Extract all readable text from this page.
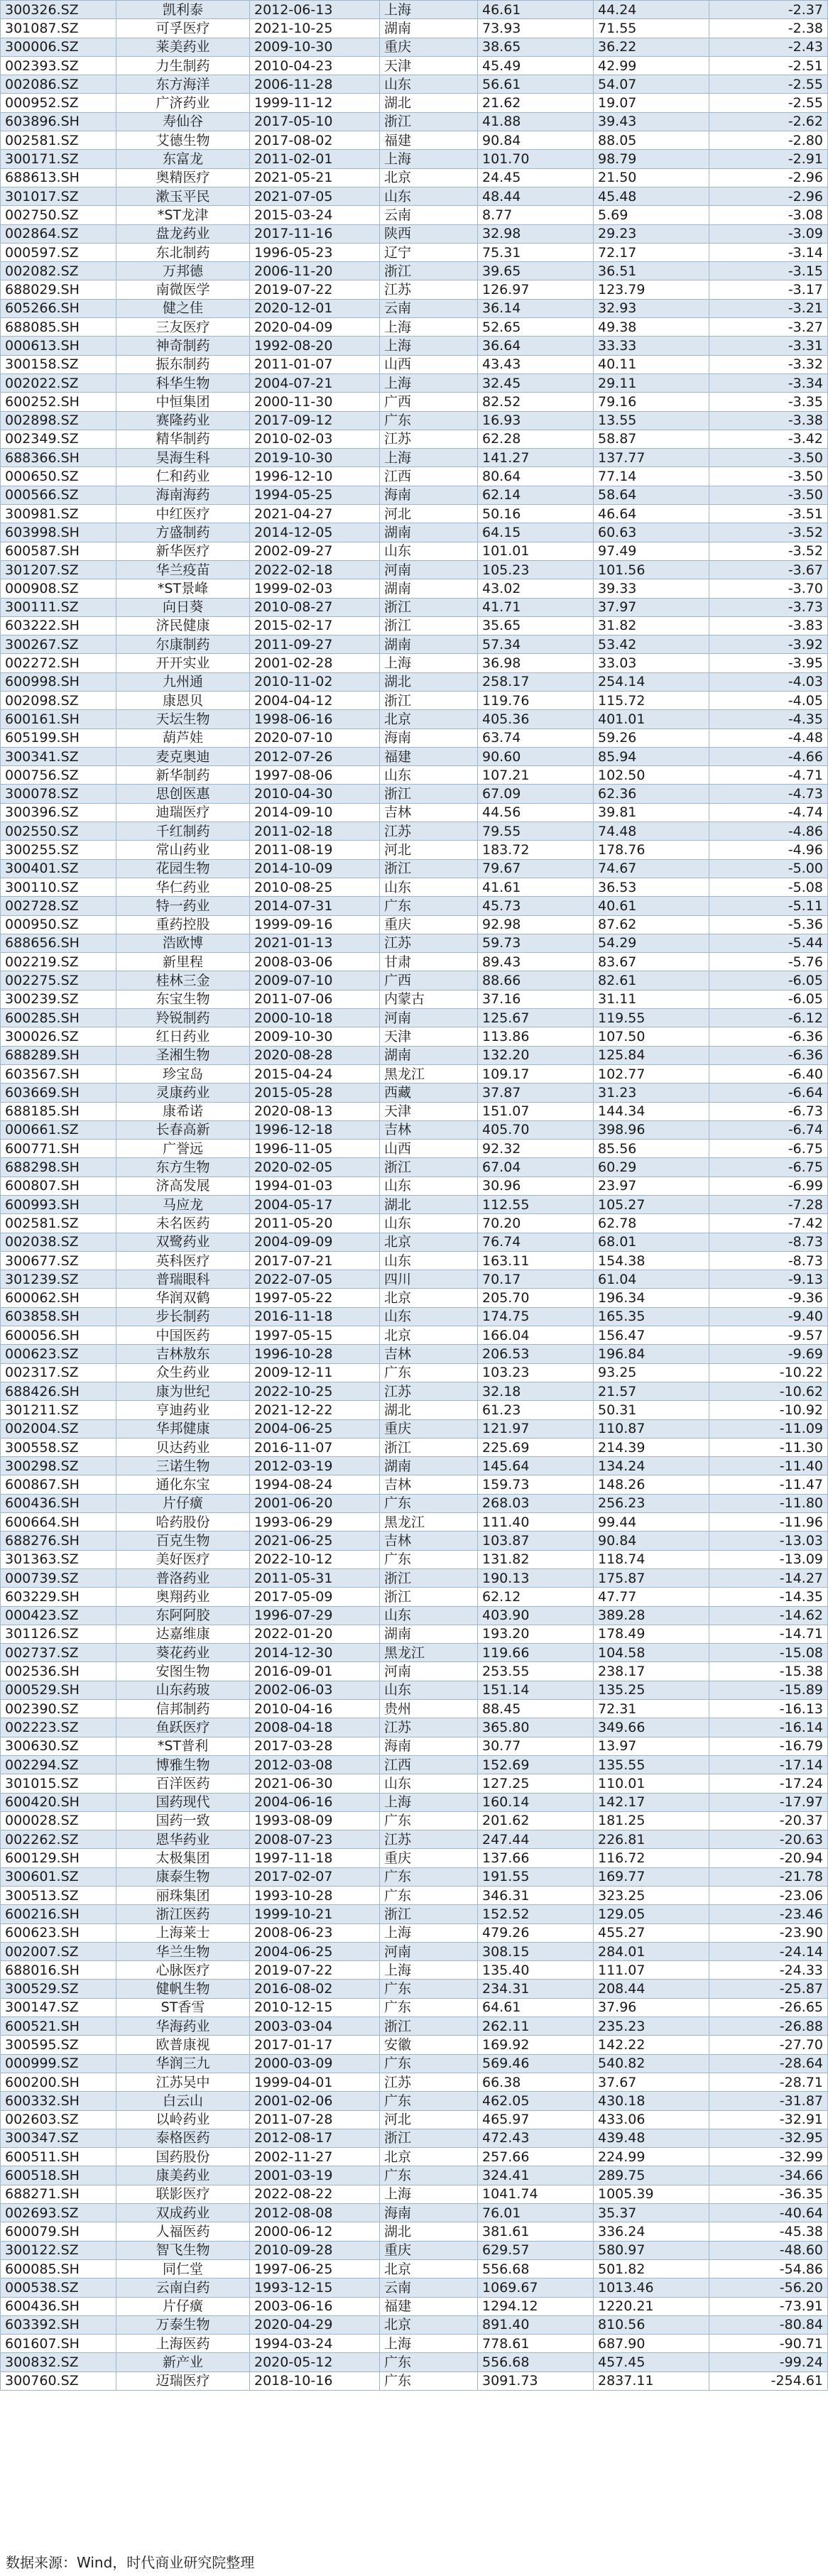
300326.SZ	凯利泰	2012-06-13	上海	46.61	44.24	-2.37
301087.SZ	可孚医疗	2021-10-25	湖南	73.93	71.55	-2.38
300006.SZ	莱美药业	2009-10-30	重庆	38.65	36.22	-2.43
002393.SZ	力生制药	2010-04-23	天津	45.49	42.99	-2.51
002086.SZ	东方海洋	2006-11-28	山东	56.61	54.07	-2.55
000952.SZ	广济药业	1999-11-12	湖北	21.62	19.07	-2.55
603896.SH	寿仙谷	2017-05-10	浙江	41.88	39.43	-2.62
002581.SZ	艾德生物	2017-08-02	福建	90.84	88.05	-2.80
300171.SZ	东富龙	2011-02-01	上海	101.70	98.79	-2.91
688613.SH	奥精医疗	2021-05-21	北京	24.45	21.50	-2.96
301017.SZ	漱玉平民	2021-07-05	山东	48.44	45.48	-2.96
002750.SZ	*ST龙津	2015-03-24	云南	8.77	5.69	-3.08
002864.SZ	盘龙药业	2017-11-16	陕西	32.98	29.23	-3.09
000597.SZ	东北制药	1996-05-23	辽宁	75.31	72.17	-3.14
002082.SZ	万邦德	2006-11-20	浙江	39.65	36.51	-3.15
688029.SH	南微医学	2019-07-22	江苏	126.97	123.79	-3.17
605266.SH	健之佳	2020-12-01	云南	36.14	32.93	-3.21
688085.SH	三友医疗	2020-04-09	上海	52.65	49.38	-3.27
000613.SH	神奇制药	1992-08-20	上海	36.64	33.33	-3.31
300158.SZ	振东制药	2011-01-07	山西	43.43	40.11	-3.32
002022.SZ	科华生物	2004-07-21	上海	32.45	29.11	-3.34
600252.SH	中恒集团	2000-11-30	广西	82.52	79.16	-3.35
002898.SZ	赛隆药业	2017-09-12	广东	16.93	13.55	-3.38
002349.SZ	精华制药	2010-02-03	江苏	62.28	58.87	-3.42
688366.SH	昊海生科	2019-10-30	上海	141.27	137.77	-3.50
000650.SZ	仁和药业	1996-12-10	江西	80.64	77.14	-3.50
000566.SZ	海南海药	1994-05-25	海南	62.14	58.64	-3.50
300981.SZ	中红医疗	2021-04-27	河北	50.16	46.64	-3.51
603998.SH	方盛制药	2014-12-05	湖南	64.15	60.63	-3.52
600587.SH	新华医疗	2002-09-27	山东	101.01	97.49	-3.52
301207.SZ	华兰疫苗	2022-02-18	河南	105.23	101.56	-3.67
000908.SZ	*ST景峰	1999-02-03	湖南	43.02	39.33	-3.70
300111.SZ	向日葵	2010-08-27	浙江	41.71	37.97	-3.73
603222.SH	济民健康	2015-02-17	浙江	35.65	31.82	-3.83
300267.SZ	尔康制药	2011-09-27	湖南	57.34	53.42	-3.92
002272.SH	开开实业	2001-02-28	上海	36.98	33.03	-3.95
600998.SH	九州通	2010-11-02	湖北	258.17	254.14	-4.03
002098.SZ	康恩贝	2004-04-12	浙江	119.76	115.72	-4.05
600161.SH	天坛生物	1998-06-16	北京	405.36	401.01	-4.35
605199.SH	葫芦娃	2020-07-10	海南	63.74	59.26	-4.48
300341.SZ	麦克奥迪	2012-07-26	福建	90.60	85.94	-4.66
000756.SZ	新华制药	1997-08-06	山东	107.21	102.50	-4.71
300078.SZ	思创医惠	2010-04-30	浙江	67.09	62.36	-4.73
300396.SZ	迪瑞医疗	2014-09-10	吉林	44.56	39.81	-4.74
002550.SZ	千红制药	2011-02-18	江苏	79.55	74.48	-4.86
300255.SZ	常山药业	2011-08-19	河北	183.72	178.76	-4.96
300401.SZ	花园生物	2014-10-09	浙江	79.67	74.67	-5.00
300110.SZ	华仁药业	2010-08-25	山东	41.61	36.53	-5.08
002728.SZ	特一药业	2014-07-31	广东	45.73	40.61	-5.11
000950.SZ	重药控股	1999-09-16	重庆	92.98	87.62	-5.36
688656.SH	浩欧博	2021-01-13	江苏	59.73	54.29	-5.44
002219.SZ	新里程	2008-03-06	甘肃	89.43	83.67	-5.76
002275.SZ	桂林三金	2009-07-10	广西	88.66	82.61	-6.05
300239.SZ	东宝生物	2011-07-06	内蒙古	37.16	31.11	-6.05
600285.SH	羚锐制药	2000-10-18	河南	125.67	119.55	-6.12
300026.SZ	红日药业	2009-10-30	天津	113.86	107.50	-6.36
688289.SH	圣湘生物	2020-08-28	湖南	132.20	125.84	-6.36
603567.SH	珍宝岛	2015-04-24	黑龙江	109.17	102.77	-6.40
603669.SH	灵康药业	2015-05-28	西藏	37.87	31.23	-6.64
688185.SH	康希诺	2020-08-13	天津	151.07	144.34	-6.73
000661.SZ	长春高新	1996-12-18	吉林	405.70	398.96	-6.74
600771.SH	广誉远	1996-11-05	山西	92.32	85.56	-6.75
688298.SH	东方生物	2020-02-05	浙江	67.04	60.29	-6.75
600807.SH	济高发展	1994-01-03	山东	30.96	23.97	-6.99
600993.SH	马应龙	2004-05-17	湖北	112.55	105.27	-7.28
002581.SZ	未名医药	2011-05-20	山东	70.20	62.78	-7.42
002038.SZ	双鹭药业	2004-09-09	北京	76.74	68.01	-8.73
300677.SZ	英科医疗	2017-07-21	山东	163.11	154.38	-8.73
301239.SZ	普瑞眼科	2022-07-05	四川	70.17	61.04	-9.13
600062.SH	华润双鹤	1997-05-22	北京	205.70	196.34	-9.36
603858.SH	步长制药	2016-11-18	山东	174.75	165.35	-9.40
600056.SH	中国医药	1997-05-15	北京	166.04	156.47	-9.57
000623.SZ	吉林敖东	1996-10-28	吉林	206.53	196.84	-9.69
002317.SZ	众生药业	2009-12-11	广东	103.23	93.25	-10.22
688426.SH	康为世纪	2022-10-25	江苏	32.18	21.57	-10.62
301211.SZ	亨迪药业	2021-12-22	湖北	61.23	50.31	-10.92
002004.SZ	华邦健康	2004-06-25	重庆	121.97	110.87	-11.09
300558.SZ	贝达药业	2016-11-07	浙江	225.69	214.39	-11.30
300298.SZ	三诺生物	2012-03-19	湖南	145.64	134.24	-11.40
600867.SH	通化东宝	1994-08-24	吉林	159.73	148.26	-11.47
600436.SH	片仔癀	2001-06-20	广东	268.03	256.23	-11.80
600664.SH	哈药股份	1993-06-29	黑龙江	111.40	99.44	-11.96
688276.SH	百克生物	2021-06-25	吉林	103.87	90.84	-13.03
301363.SZ	美好医疗	2022-10-12	广东	131.82	118.74	-13.09
000739.SZ	普洛药业	2011-05-31	浙江	190.13	175.87	-14.27
603229.SH	奥翔药业	2017-05-09	浙江	62.12	47.77	-14.35
000423.SZ	东阿阿胶	1996-07-29	山东	403.90	389.28	-14.62
301126.SZ	达嘉维康	2022-01-20	湖南	193.20	178.49	-14.71
002737.SZ	葵花药业	2014-12-30	黑龙江	119.66	104.58	-15.08
002536.SH	安图生物	2016-09-01	河南	253.55	238.17	-15.38
000529.SH	山东药玻	2002-06-03	山东	151.14	135.25	-15.89
002390.SZ	信邦制药	2010-04-16	贵州	88.45	72.31	-16.13
002223.SZ	鱼跃医疗	2008-04-18	江苏	365.80	349.66	-16.14
300630.SZ	*ST普利	2017-03-28	海南	30.77	13.97	-16.79
002294.SZ	博雅生物	2012-03-08	江西	152.69	135.55	-17.14
301015.SZ	百洋医药	2021-06-30	山东	127.25	110.01	-17.24
600420.SH	国药现代	2004-06-16	上海	160.14	142.17	-17.97
000028.SZ	国药一致	1993-08-09	广东	201.62	181.25	-20.37
002262.SZ	恩华药业	2008-07-23	江苏	247.44	226.81	-20.63
600129.SH	太极集团	1997-11-18	重庆	137.66	116.72	-20.94
300601.SZ	康泰生物	2017-02-07	广东	191.55	169.77	-21.78
300513.SZ	丽珠集团	1993-10-28	广东	346.31	323.25	-23.06
600216.SH	浙江医药	1999-10-21	浙江	152.52	129.05	-23.46
600623.SH	上海莱士	2008-06-23	上海	479.26	455.27	-23.90
002007.SZ	华兰生物	2004-06-25	河南	308.15	284.01	-24.14
688016.SH	心脉医疗	2019-07-22	上海	135.40	111.07	-24.33
300529.SZ	健帆生物	2016-08-02	广东	234.31	208.44	-25.87
300147.SZ	ST香雪	2010-12-15	广东	64.61	37.96	-26.65
600521.SH	华海药业	2003-03-04	浙江	262.11	235.23	-26.88
300595.SZ	欧普康视	2017-01-17	安徽	169.92	142.22	-27.70
000999.SZ	华润三九	2000-03-09	广东	569.46	540.82	-28.64
600200.SH	江苏吴中	1999-04-01	江苏	66.38	37.67	-28.71
600332.SH	白云山	2001-02-06	广东	462.05	430.18	-31.87
002603.SZ	以岭药业	2011-07-28	河北	465.97	433.06	-32.91
300347.SZ	泰格医药	2012-08-17	浙江	472.43	439.48	-32.95
600511.SH	国药股份	2002-11-27	北京	257.66	224.99	-32.99
600518.SH	康美药业	2001-03-19	广东	324.41	289.75	-34.66
688271.SH	联影医疗	2022-08-22	上海	1041.74	1005.39	-36.35
002693.SZ	双成药业	2012-08-08	海南	76.01	35.37	-40.64
600079.SH	人福医药	2000-06-12	湖北	381.61	336.24	-45.38
300122.SZ	智飞生物	2010-09-28	重庆	629.57	580.97	-48.60
600085.SH	同仁堂	1997-06-25	北京	556.68	501.82	-54.86
000538.SZ	云南白药	1993-12-15	云南	1069.67	1013.46	-56.20
600436.SH	片仔癀	2003-06-16	福建	1294.12	1220.21	-73.91
603392.SH	万泰生物	2020-04-29	北京	891.40	810.56	-80.84
601607.SH	上海医药	1994-03-24	上海	778.61	687.90	-90.71
300832.SZ	新产业	2020-05-12	广东	556.68	457.45	-99.24
300760.SZ	迈瑞医疗	2018-10-16	广东	3091.73	2837.11	-254.61
数据来源：Wind，时代商业研究院整理
